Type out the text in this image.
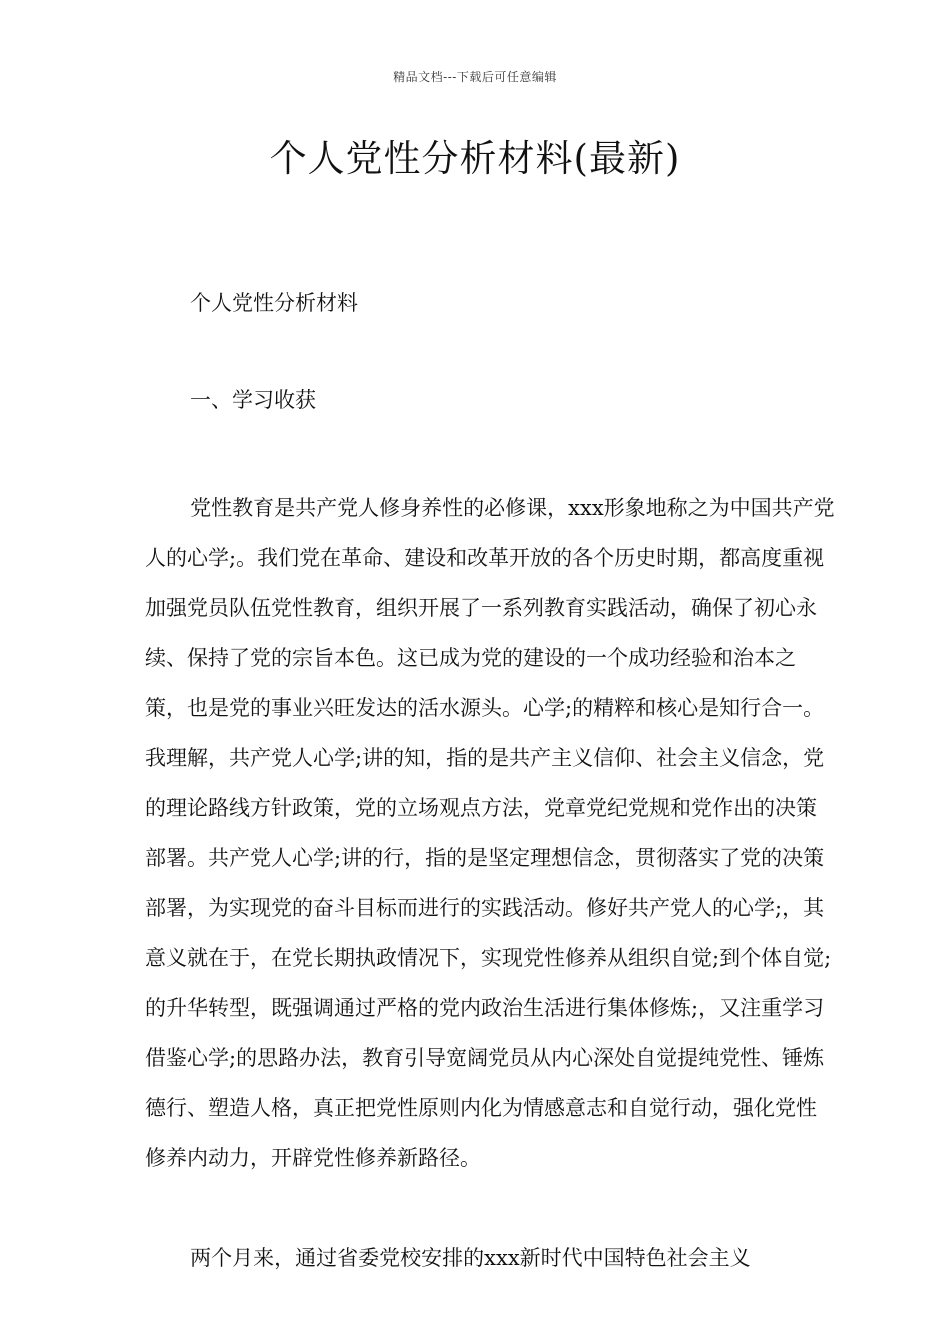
精品文档---下载后可任意编辑
个人党性分析材料(最新)
个人党性分析材料
一、学习收获

党性教育是共产党人修身养性的必修课，xxx形象地称之为中国共产党人的心学;。我们党在革命、建设和改革开放的各个历史时期，都高度重视加强党员队伍党性教育，组织开展了一系列教育实践活动，确保了初心永续、保持了党的宗旨本色。这已成为党的建设的一个成功经验和治本之策，也是党的事业兴旺发达的活水源头。心学;的精粹和核心是知行合一。我理解，共产党人心学;讲的知，指的是共产主义信仰、社会主义信念，党的理论路线方针政策，党的立场观点方法，党章党纪党规和党作出的决策部署。共产党人心学;讲的行，指的是坚定理想信念，贯彻落实了党的决策部署，为实现党的奋斗目标而进行的实践活动。修好共产党人的心学;，其意义就在于，在党长期执政情况下，实现党性修养从组织自觉;到个体自觉;的升华转型，既强调通过严格的党内政治生活进行集体修炼;，又注重学习借鉴心学;的思路办法，教育引导宽阔党员从内心深处自觉提纯党性、锤炼德行、塑造人格，真正把党性原则内化为情感意志和自觉行动，强化党性修养内动力，开辟党性修养新路径。

两个月来，通过省委党校安排的xxx新时代中国特色社会主义
